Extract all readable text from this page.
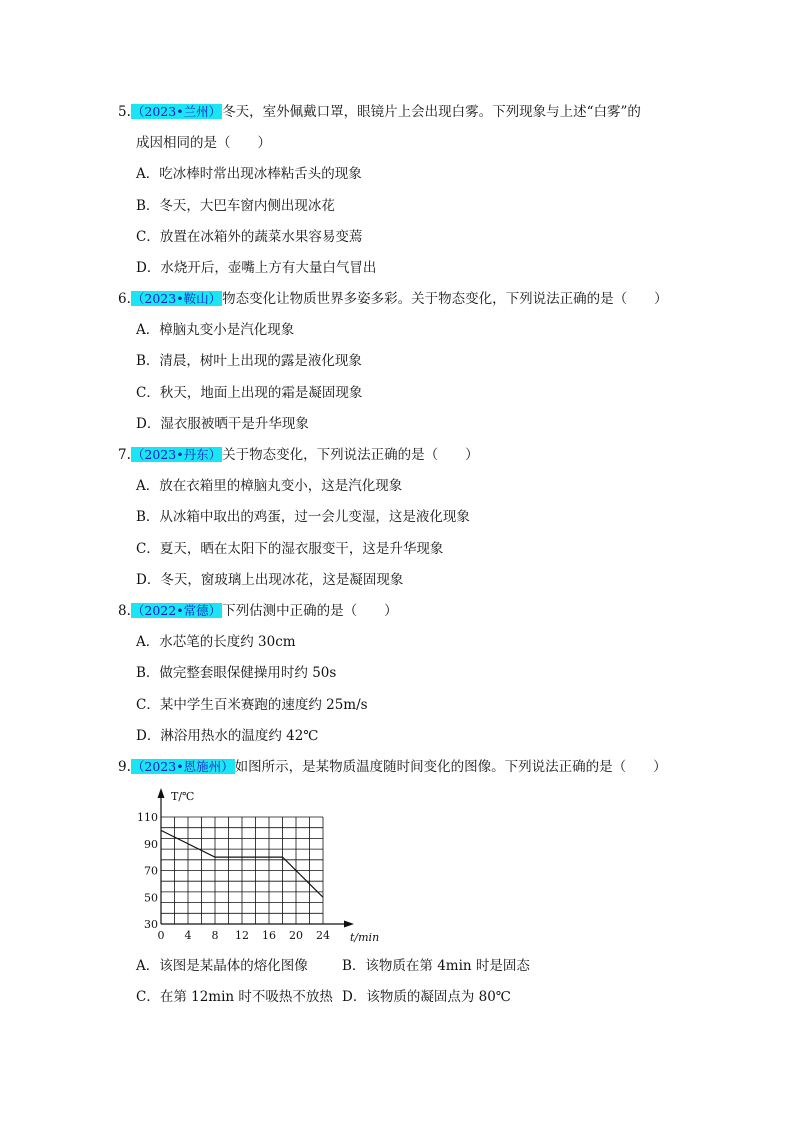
5.（2023•兰州）冬天，室外佩戴口罩，眼镜片上会出现白雾。下列现象与上述“白雾”的
成因相同的是（　　）
A．吃冰棒时常出现冰棒粘舌头的现象
B．冬天，大巴车窗内侧出现冰花
C．放置在冰箱外的蔬菜水果容易变蔫
D．水烧开后，壶嘴上方有大量白气冒出
6.（2023•鞍山）物态变化让物质世界多姿多彩。关于物态变化，下列说法正确的是（　　）
A．樟脑丸变小是汽化现象
B．清晨，树叶上出现的露是液化现象
C．秋天，地面上出现的霜是凝固现象
D．湿衣服被晒干是升华现象
7.（2023•丹东）关于物态变化，下列说法正确的是（　　）
A．放在衣箱里的樟脑丸变小，这是汽化现象
B．从冰箱中取出的鸡蛋，过一会儿变湿，这是液化现象
C．夏天，晒在太阳下的湿衣服变干，这是升华现象
D．冬天，窗玻璃上出现冰花，这是凝固现象
8.（2022•常德）下列估测中正确的是（　　）
A．水芯笔的长度约 30cm
B．做完整套眼保健操用时约 50s
C．某中学生百米赛跑的速度约 25m/s
D．淋浴用热水的温度约 42℃
9.（2023•恩施州）如图所示，是某物质温度随时间变化的图像。下列说法正确的是（　　）
0 4 8 12 16 20 24
30
50
70
90
110
T/℃
t/min
A．该图是某晶体的熔化图像	B．该物质在第 4min 时是固态
C．在第 12min 时不吸热不放热 D．该物质的凝固点为 80℃
